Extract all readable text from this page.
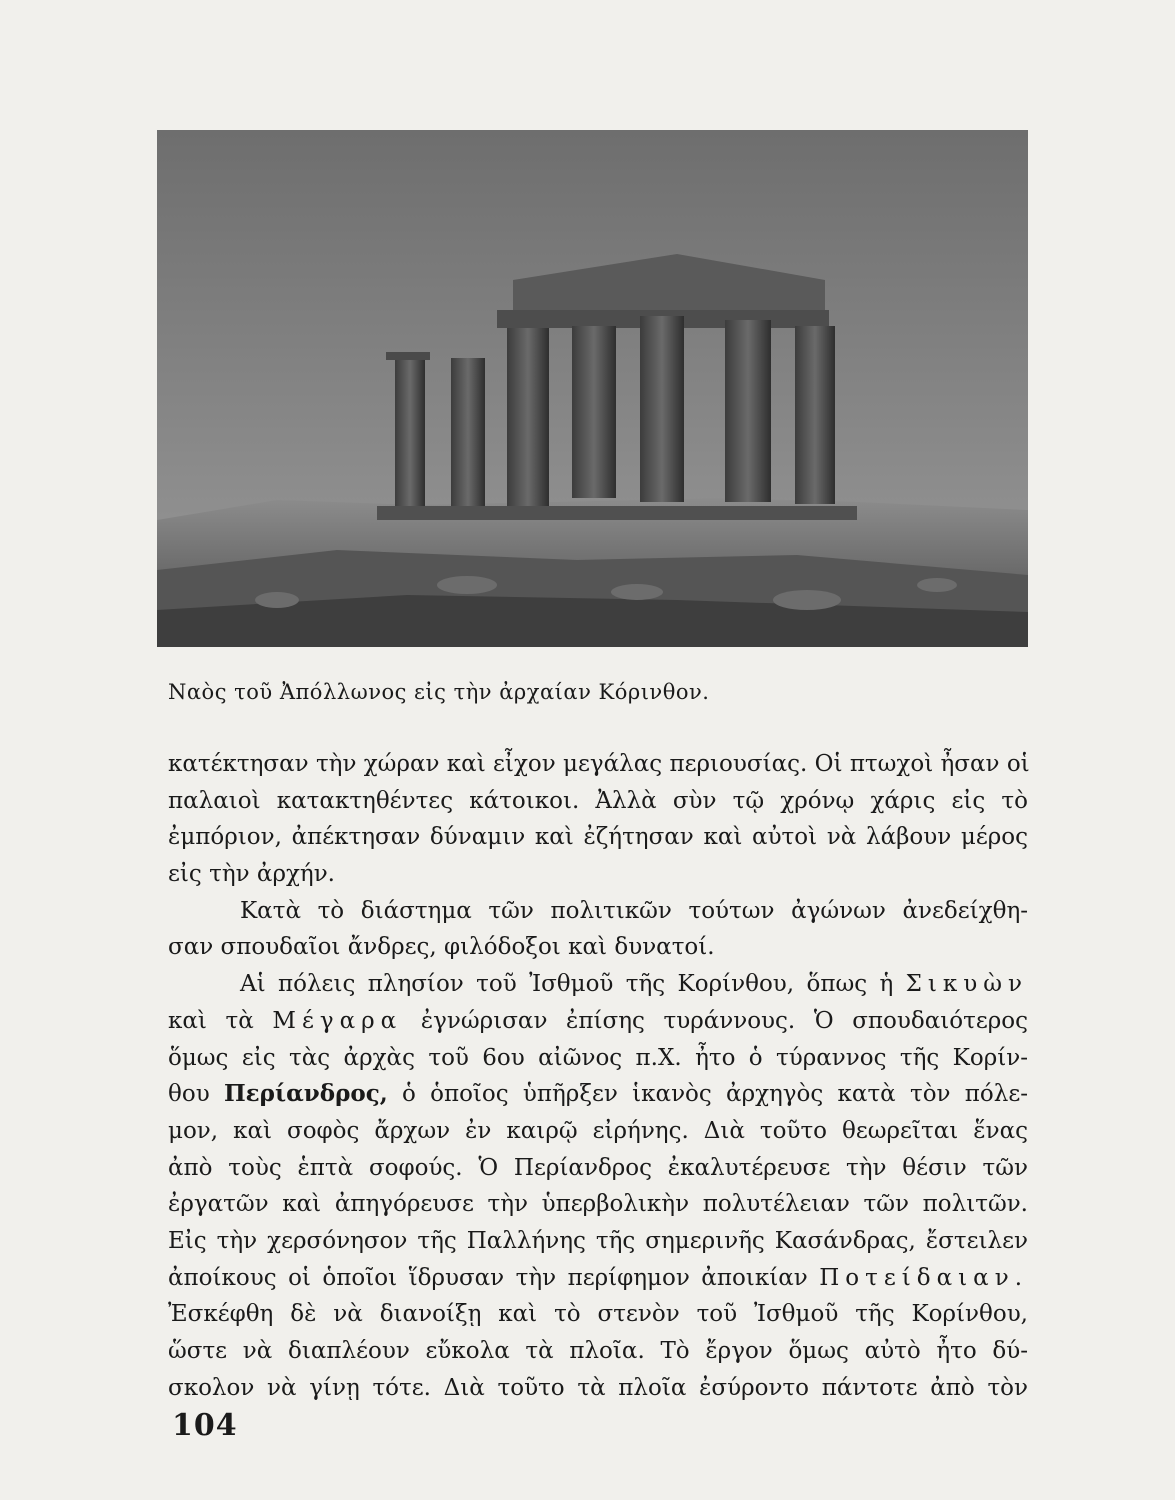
Ναὸς τοῦ Ἀπόλλωνος εἰς τὴν ἀρχαίαν Κόρινθον.
κατέκτησαν τὴν χώραν καὶ εἶχον μεγάλας περιουσίας. Οἱ πτωχοὶ ἦσαν οἱ
παλαιοὶ κατακτηθέντες κάτοικοι. Ἀλλὰ σὺν τῷ χρόνῳ χάρις εἰς τὸ
ἐμπόριον, ἀπέκτησαν δύναμιν καὶ ἐζήτησαν καὶ αὐτοὶ νὰ λάβουν μέρος
εἰς τὴν ἀρχήν.
Κατὰ τὸ διάστημα τῶν πολιτικῶν τούτων ἀγώνων ἀνεδείχθη-
σαν σπουδαῖοι ἄνδρες, φιλόδοξοι καὶ δυνατοί.
Αἱ πόλεις πλησίον τοῦ Ἰσθμοῦ τῆς Κορίνθου, ὅπως ἡ Σικυὼν
καὶ τὰ Μέγαρα ἐγνώρισαν ἐπίσης τυράννους. Ὁ σπουδαιότερος
ὅμως εἰς τὰς ἀρχὰς τοῦ 6ου αἰῶνος π.Χ. ἦτο ὁ τύραννος τῆς Κορίν-
θου Περίανδρος, ὁ ὁποῖος ὑπῆρξεν ἱκανὸς ἀρχηγὸς κατὰ τὸν πόλε-
μον, καὶ σοφὸς ἄρχων ἐν καιρῷ εἰρήνης. Διὰ τοῦτο θεωρεῖται ἕνας
ἀπὸ τοὺς ἑπτὰ σοφούς. Ὁ Περίανδρος ἐκαλυτέρευσε τὴν θέσιν τῶν
ἐργατῶν καὶ ἀπηγόρευσε τὴν ὑπερβολικὴν πολυτέλειαν τῶν πολιτῶν.
Εἰς τὴν χερσόνησον τῆς Παλλήνης τῆς σημερινῆς Κασάνδρας, ἔστειλεν
ἀποίκους οἱ ὁποῖοι ἵδρυσαν τὴν περίφημον ἀποικίαν Ποτείδαιαν.
Ἐσκέφθη δὲ νὰ διανοίξῃ καὶ τὸ στενὸν τοῦ Ἰσθμοῦ τῆς Κορίνθου,
ὥστε νὰ διαπλέουν εὔκολα τὰ πλοῖα. Τὸ ἔργον ὅμως αὐτὸ ἦτο δύ-
σκολον νὰ γίνῃ τότε. Διὰ τοῦτο τὰ πλοῖα ἐσύροντο πάντοτε ἀπὸ τὸν
104
